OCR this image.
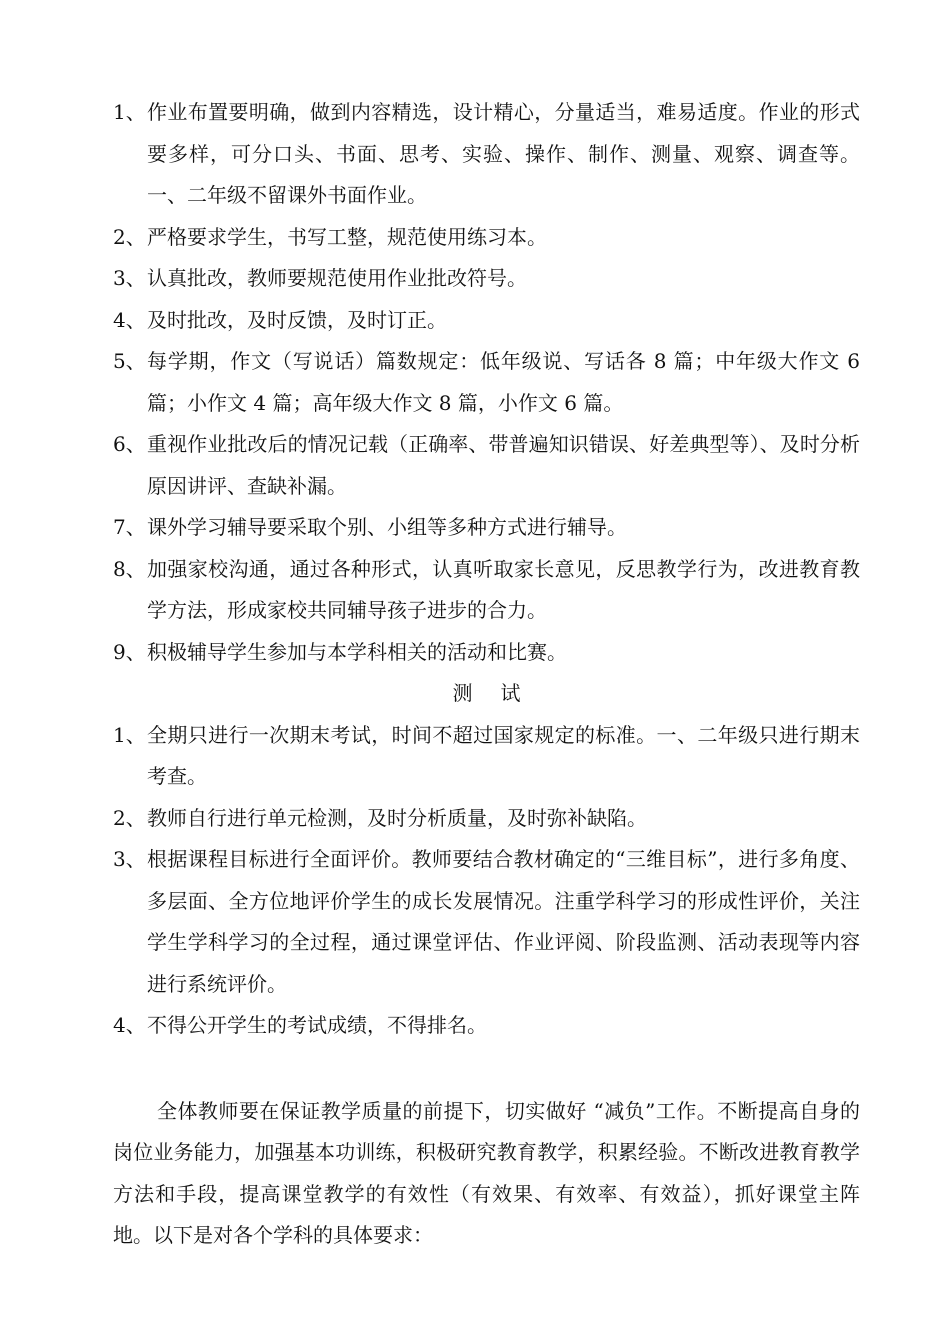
1、 作业布置要明确，做到内容精选，设计精心，分量适当，难易适度。作业的形式要多样，可分口头、书面、思考、实验、操作、制作、测量、观察、调查等。一、二年级不留课外书面作业。
2、 严格要求学生，书写工整，规范使用练习本。
3、 认真批改，教师要规范使用作业批改符号。
4、 及时批改，及时反馈，及时订正。
5、 每学期，作文（写说话）篇数规定：低年级说、写话各 8 篇；中年级大作文 6 篇；小作文 4 篇；高年级大作文 8 篇，小作文 6 篇。
6、 重视作业批改后的情况记载（正确率、带普遍知识错误、好差典型等）、及时分析原因讲评、查缺补漏。
7、 课外学习辅导要采取个别、小组等多种方式进行辅导。
8、 加强家校沟通，通过各种形式，认真听取家长意见，反思教学行为，改进教育教学方法，形成家校共同辅导孩子进步的合力。
9、 积极辅导学生参加与本学科相关的活动和比赛。
测试
1、 全期只进行一次期末考试，时间不超过国家规定的标准。一、二年级只进行期末考查。
2、 教师自行进行单元检测，及时分析质量，及时弥补缺陷。
3、 根据课程目标进行全面评价。教师要结合教材确定的“三维目标”，进行多角度、多层面、全方位地评价学生的成长发展情况。注重学科学习的形成性评价，关注学生学科学习的全过程，通过课堂评估、作业评阅、阶段监测、活动表现等内容进行系统评价。
4、 不得公开学生的考试成绩，不得排名。

全体教师要在保证教学质量的前提下，切实做好 “减负”工作。不断提高自身的岗位业务能力，加强基本功训练，积极研究教育教学，积累经验。不断改进教育教学方法和手段，提高课堂教学的有效性（有效果、有效率、有效益），抓好课堂主阵地。以下是对各个学科的具体要求：
